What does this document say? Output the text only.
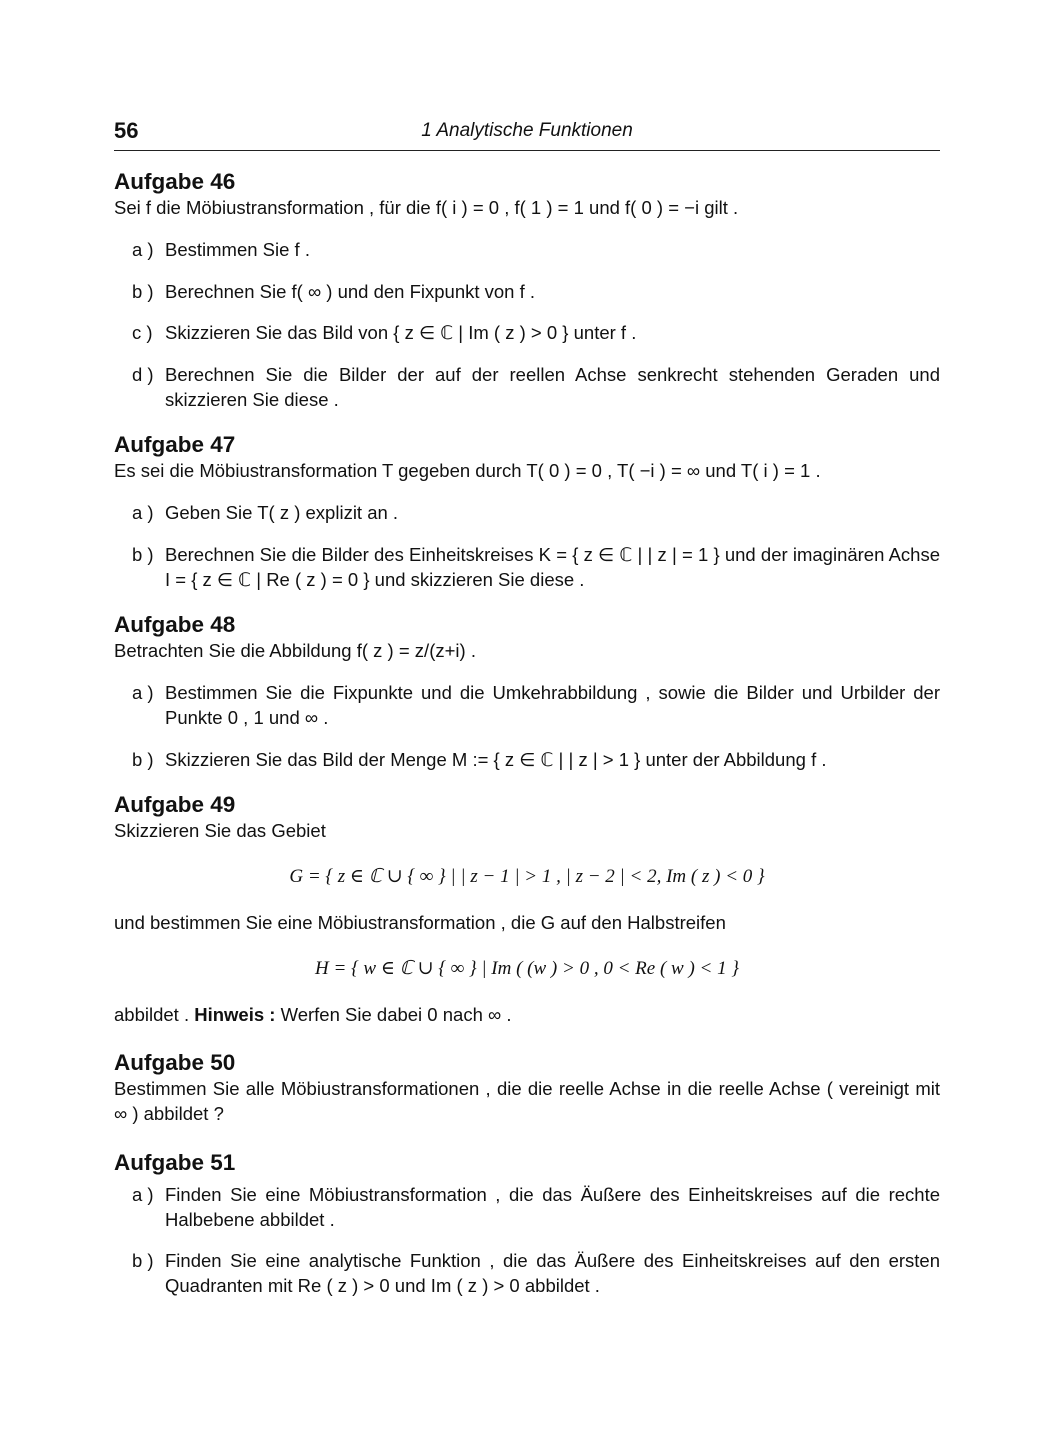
56	1 Analytische Funktionen
Aufgabe 46

Sei f die Möbiustransformation , für die f( i ) = 0 , f( 1 ) = 1 und f( 0 ) = −i gilt .

a ) Bestimmen Sie f .
b ) Berechnen Sie f( ∞ ) und den Fixpunkt von f .
c ) Skizzieren Sie das Bild von { z ∈ ℂ | Im ( z ) > 0 } unter f .
d ) Berechnen Sie die Bilder der auf der reellen Achse senkrecht stehenden Geraden und skizzieren Sie diese .
Aufgabe 47

Es sei die Möbiustransformation T gegeben durch T( 0 ) = 0 , T( −i ) = ∞ und T( i ) = 1 .

a ) Geben Sie T( z ) explizit an .
b ) Berechnen Sie die Bilder des Einheitskreises K = { z ∈ ℂ | | z | = 1 } und der imaginären Achse I = { z ∈ ℂ | Re ( z ) = 0 } und skizzieren Sie diese .
Aufgabe 48

Betrachten Sie die Abbildung f( z ) = z/(z+i) .

a ) Bestimmen Sie die Fixpunkte und die Umkehrabbildung , sowie die Bilder und Urbilder der Punkte 0 , 1 und ∞ .
b ) Skizzieren Sie das Bild der Menge M := { z ∈ ℂ | | z | > 1 } unter der Abbildung f .
Aufgabe 49

Skizzieren Sie das Gebiet

G = { z ∈ ℂ ∪ { ∞ } | | z − 1 | > 1 , | z − 2 | < 2, Im ( z ) < 0 }

und bestimmen Sie eine Möbiustransformation , die G auf den Halbstreifen

H = { w ∈ ℂ ∪ { ∞ } | Im ( (w ) > 0 , 0 < Re ( w ) < 1 }

abbildet . Hinweis : Werfen Sie dabei 0 nach ∞ .

Aufgabe 50

Bestimmen Sie alle Möbiustransformationen , die die reelle Achse in die reelle Achse ( vereinigt mit ∞ ) abbildet ?

Aufgabe 51
a ) Finden Sie eine Möbiustransformation , die das Äußere des Einheitskreises auf die rechte Halbebene abbildet .
b ) Finden Sie eine analytische Funktion , die das Äußere des Einheitskreises auf den ersten Quadranten mit Re ( z ) > 0 und Im ( z ) > 0 abbildet .
